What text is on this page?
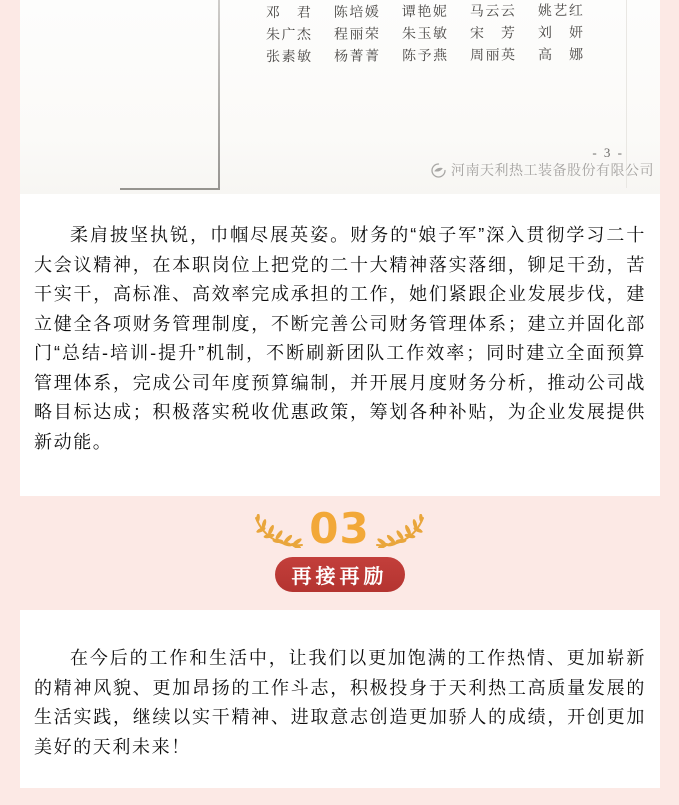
邓　君	陈培媛	谭艳妮	马云云	姚艺红
朱广杰	程丽荣	朱玉敏	宋　芳	刘　妍
张素敏	杨菁菁	陈予燕	周丽英	高　娜
- 3 -
河南天利热工装备股份有限公司

柔肩披坚执锐，巾帼尽展英姿。财务的“娘子军”深入贯彻学习二十大会议精神，在本职岗位上把党的二十大精神落实落细，铆足干劲，苦干实干，高标准、高效率完成承担的工作，她们紧跟企业发展步伐，建立健全各项财务管理制度，不断完善公司财务管理体系；建立并固化部门“总结-培训-提升”机制，不断刷新团队工作效率；同时建立全面预算管理体系，完成公司年度预算编制，并开展月度财务分析，推动公司战略目标达成；积极落实税收优惠政策，筹划各种补贴，为企业发展提供新动能。

03
再接再励

在今后的工作和生活中，让我们以更加饱满的工作热情、更加崭新的精神风貌、更加昂扬的工作斗志，积极投身于天利热工高质量发展的生活实践，继续以实干精神、进取意志创造更加骄人的成绩，开创更加美好的天利未来！
